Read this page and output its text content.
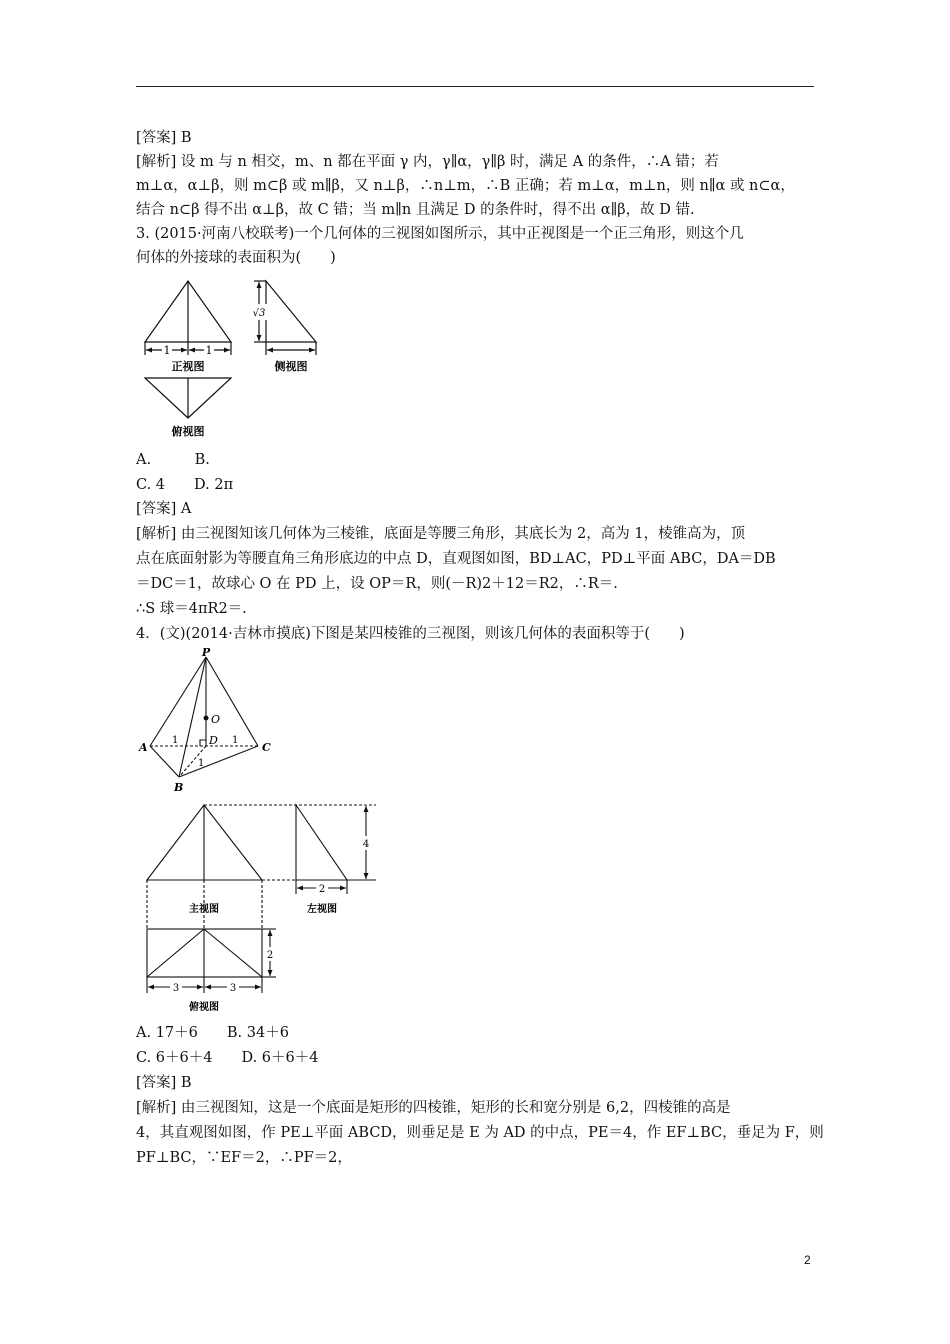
[答案] B
[解析] 设 m 与 n 相交，m、n 都在平面 γ 内，γ∥α，γ∥β 时，满足 A 的条件，∴A 错；若
m⊥α，α⊥β，则 m⊂β 或 m∥β，又 n⊥β，∴n⊥m，∴B 正确；若 m⊥α，m⊥n，则 n∥α 或 n⊂α，
结合 n⊂β 得不出 α⊥β，故 C 错；当 m∥n 且满足 D 的条件时，得不出 α∥β，故 D 错.
3. (2015·河南八校联考)一个几何体的三视图如图所示，其中正视图是一个正三角形，则这个几
何体的外接球的表面积为(　　)
1	1
√3
正视图	侧视图
俯视图
A.　　　B.
C. 4　　D. 2π
[答案] A
[解析] 由三视图知该几何体为三棱锥，底面是等腰三角形，其底长为 2，高为 1，棱锥高为，顶
点在底面射影为等腰直角三角形底边的中点 D，直观图如图，BD⊥AC，PD⊥平面 ABC，DA＝DB
＝DC＝1，故球心 O 在 PD 上，设 OP＝R，则(－R)2＋12＝R2，∴R＝.
∴S 球＝4πR2＝.
4．(文)(2014·吉林市摸底)下图是某四棱锥的三视图，则该几何体的表面积等于(　　)
P
O
A
D
C
B
1	1
1
4
2
2
3	3
主视图	左视图
俯视图
A. 17＋6　　B. 34＋6
C. 6＋6＋4　　D. 6＋6＋4
[答案] B
[解析] 由三视图知，这是一个底面是矩形的四棱锥，矩形的长和宽分别是 6,2，四棱锥的高是
4，其直观图如图，作 PE⊥平面 ABCD，则垂足是 E 为 AD 的中点，PE＝4，作 EF⊥BC，垂足为 F，则
PF⊥BC，∵EF＝2，∴PF＝2，
2
